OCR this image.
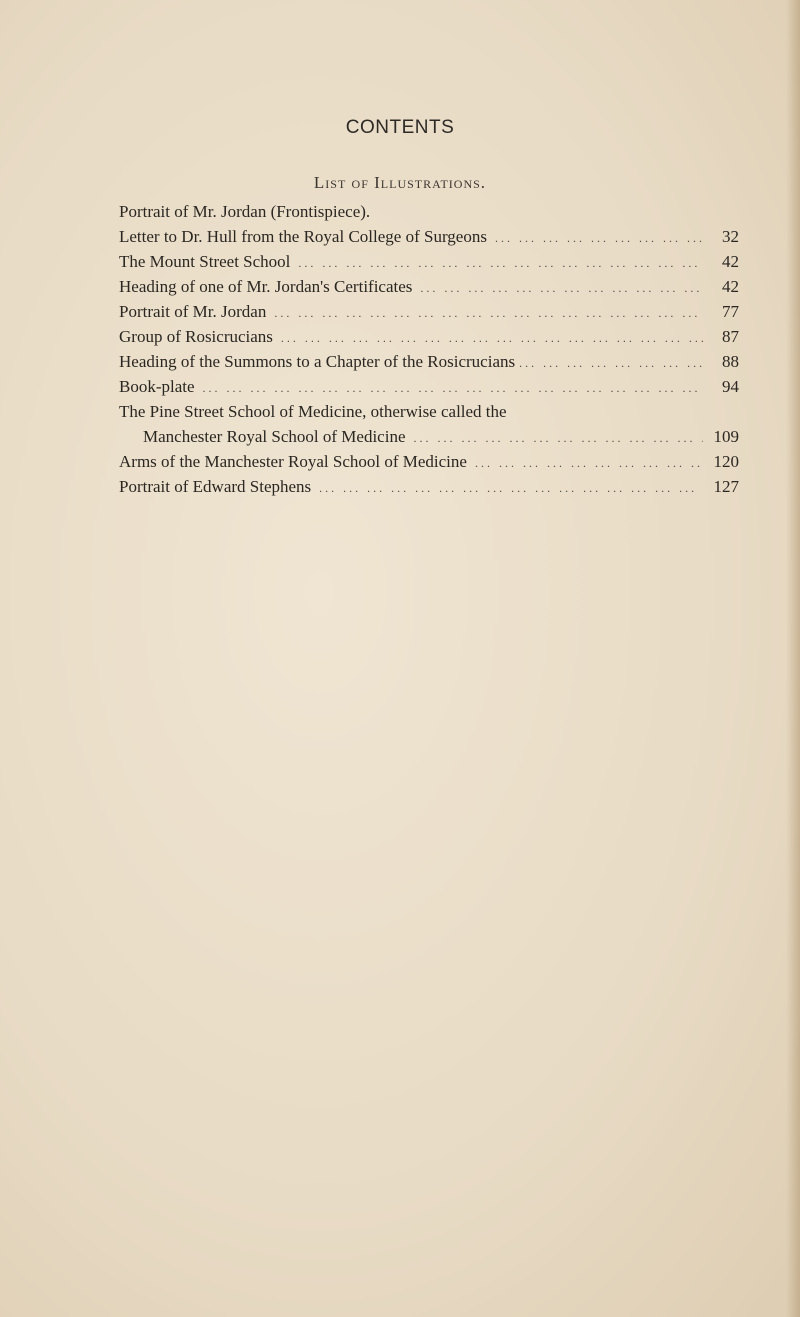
CONTENTS
List of Illustrations.
Portrait of Mr. Jordan (Frontispiece).
Letter to Dr. Hull from the Royal College of Surgeons ... .	32
The Mount Street School ... .	42
Heading of one of Mr. Jordan's Certificates ... .	42
Portrait of Mr. Jordan ... .	77
Group of Rosicrucians ... .	87
Heading of the Summons to a Chapter of the Rosicrucians ... .	88
Book-plate ... .	94
The Pine Street School of Medicine, otherwise called the
Manchester Royal School of Medicine ... .	109
Arms of the Manchester Royal School of Medicine ... .	120
Portrait of Edward Stephens ... .	127
